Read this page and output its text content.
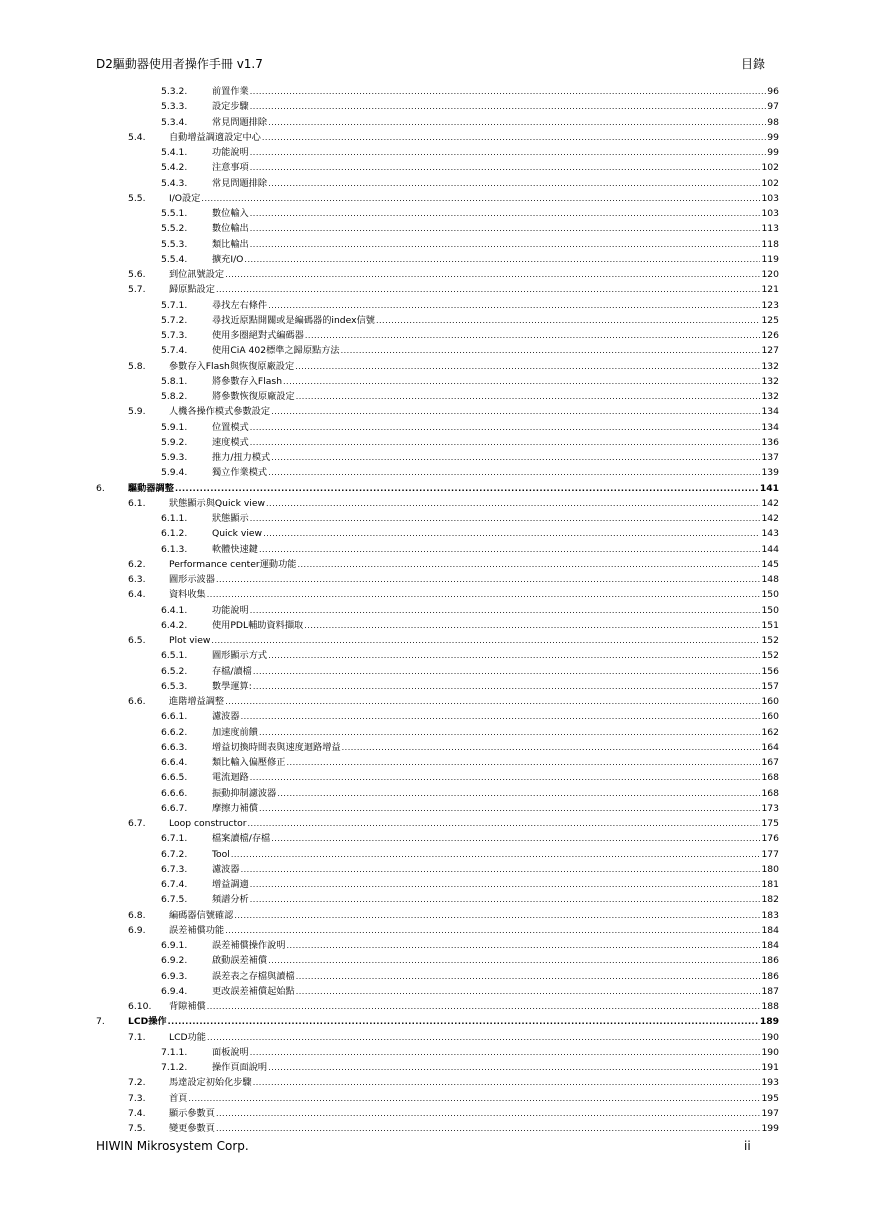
D2驅動器使用者操作手冊 v1.7	目錄
5.3.2.	前置作業 .....	96
5.3.3.	設定步驟 .....	97
5.3.4.	常見問題排除 .....	98
5.4.	自動增益調適設定中心 .....	99
5.4.1.	功能說明 .....	99
5.4.2.	注意事項 .....	102
5.4.3.	常見問題排除 .....	102
5.5.	I/O設定 .....	103
5.5.1.	數位輸入 .....	103
5.5.2.	數位輸出 .....	113
5.5.3.	類比輸出 .....	118
5.5.4.	擴充I/O .....	119
5.6.	到位訊號設定 .....	120
5.7.	歸原點設定 .....	121
5.7.1.	尋找左右條件 .....	123
5.7.2.	尋找近原點開關或是編碼器的index信號 .....	125
5.7.3.	使用多圈絕對式編碼器 .....	126
5.7.4.	使用CiA 402標準之歸原點方法 .....	127
5.8.	參數存入Flash與恢復原廠設定 .....	132
5.8.1.	將參數存入Flash .....	132
5.8.2.	將參數恢復原廠設定 .....	132
5.9.	人機各操作模式參數設定 .....	134
5.9.1.	位置模式 .....	134
5.9.2.	速度模式 .....	136
5.9.3.	推力/扭力模式 .....	137
5.9.4.	獨立作業模式 .....	139
6.	驅動器調整 .....	141
6.1.	狀態顯示與Quick view .....	142
6.1.1.	狀態顯示 .....	142
6.1.2.	Quick view .....	143
6.1.3.	軟體快速鍵 .....	144
6.2.	Performance center運動功能 .....	145
6.3.	圖形示波器 .....	148
6.4.	資料收集 .....	150
6.4.1.	功能說明 .....	150
6.4.2.	使用PDL輔助資料擷取 .....	151
6.5.	Plot view .....	152
6.5.1.	圖形顯示方式 .....	152
6.5.2.	存檔/讀檔 .....	156
6.5.3.	數學運算: .....	157
6.6.	進階增益調整 .....	160
6.6.1.	濾波器 .....	160
6.6.2.	加速度前饋 .....	162
6.6.3.	增益切換時間表與速度迴路增益 .....	164
6.6.4.	類比輸入偏壓修正 .....	167
6.6.5.	電流迴路 .....	168
6.6.6.	振動抑制濾波器 .....	168
6.6.7.	摩擦力補償 .....	173
6.7.	Loop constructor .....	175
6.7.1.	檔案讀檔/存檔 .....	176
6.7.2.	Tool .....	177
6.7.3.	濾波器 .....	180
6.7.4.	增益調適 .....	181
6.7.5.	頻譜分析 .....	182
6.8.	編碼器信號確認 .....	183
6.9.	誤差補償功能 .....	184
6.9.1.	誤差補償操作說明 .....	184
6.9.2.	啟動誤差補償 .....	186
6.9.3.	誤差表之存檔與讀檔 .....	186
6.9.4.	更改誤差補償起始點 .....	187
6.10. 背隙補償 .....	188
7.	LCD操作 .....	189
7.1.	LCD功能 .....	190
7.1.1.	面板說明 .....	190
7.1.2.	操作頁面說明 .....	191
7.2.	馬達設定初始化步驟 .....	193
7.3.	首頁 .....	195
7.4.	顯示參數頁 .....	197
7.5.	變更參數頁 .....	199
HIWIN Mikrosystem Corp.	ii
